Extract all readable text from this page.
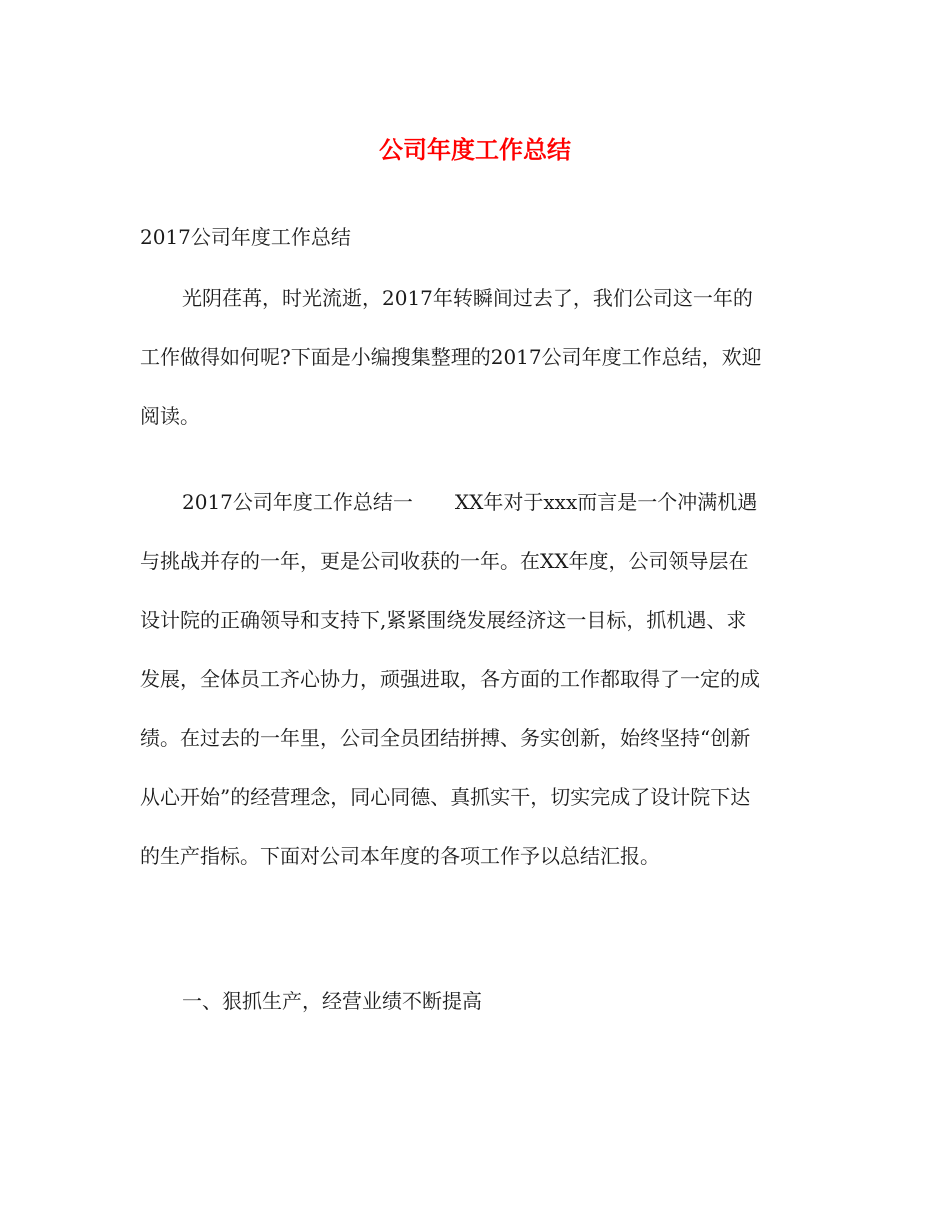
公司年度工作总结
2017公司年度工作总结
光阴荏苒，时光流逝，2017年转瞬间过去了，我们公司这一年的
工作做得如何呢?下面是小编搜集整理的2017公司年度工作总结，欢迎
阅读。
2017公司年度工作总结一 XX年对于xxx而言是一个冲满机遇
与挑战并存的一年，更是公司收获的一年。在XX年度，公司领导层在
设计院的正确领导和支持下,紧紧围绕发展经济这一目标，抓机遇、求
发展，全体员工齐心协力，顽强进取，各方面的工作都取得了一定的成
绩。在过去的一年里，公司全员团结拼搏、务实创新，始终坚持“创新
从心开始”的经营理念，同心同德、真抓实干，切实完成了设计院下达
的生产指标。下面对公司本年度的各项工作予以总结汇报。
一、狠抓生产，经营业绩不断提高
